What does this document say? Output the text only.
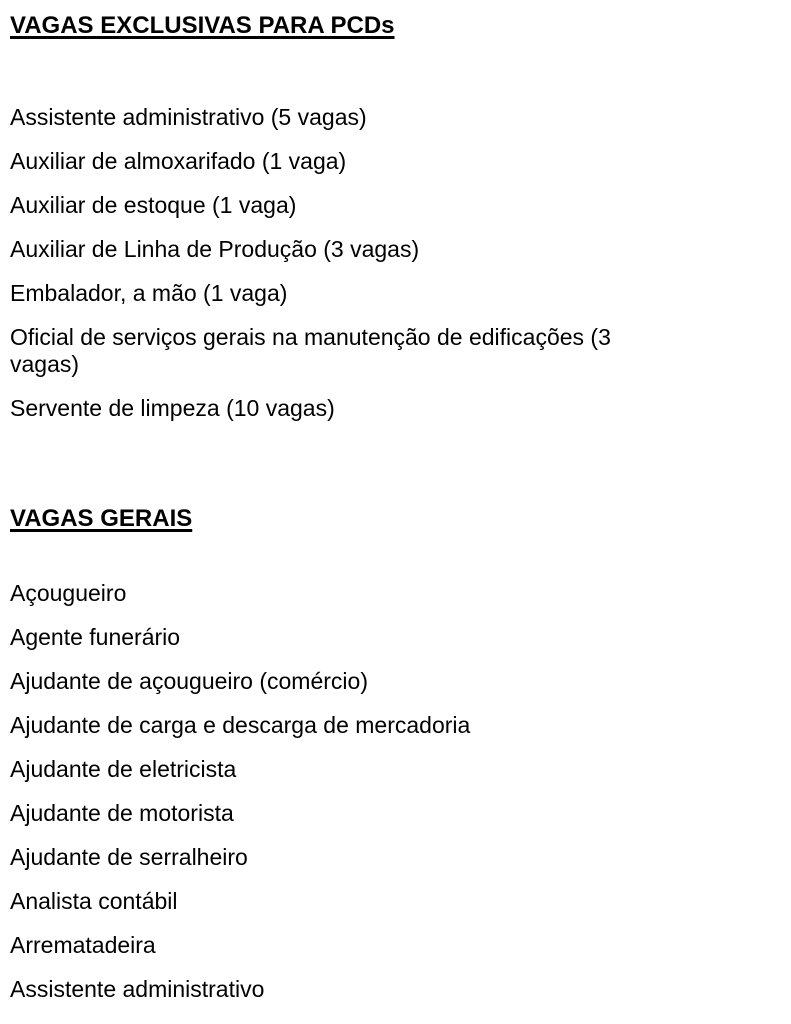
VAGAS EXCLUSIVAS PARA PCDs

Assistente administrativo (5 vagas)

Auxiliar de almoxarifado (1 vaga)

Auxiliar de estoque (1 vaga)

Auxiliar de Linha de Produção (3 vagas)

Embalador, a mão (1 vaga)

Oficial de serviços gerais na manutenção de edificações (3 vagas)

Servente de limpeza (10 vagas)

VAGAS GERAIS

Açougueiro

Agente funerário

Ajudante de açougueiro (comércio)

Ajudante de carga e descarga de mercadoria

Ajudante de eletricista

Ajudante de motorista

Ajudante de serralheiro

Analista contábil

Arrematadeira

Assistente administrativo
